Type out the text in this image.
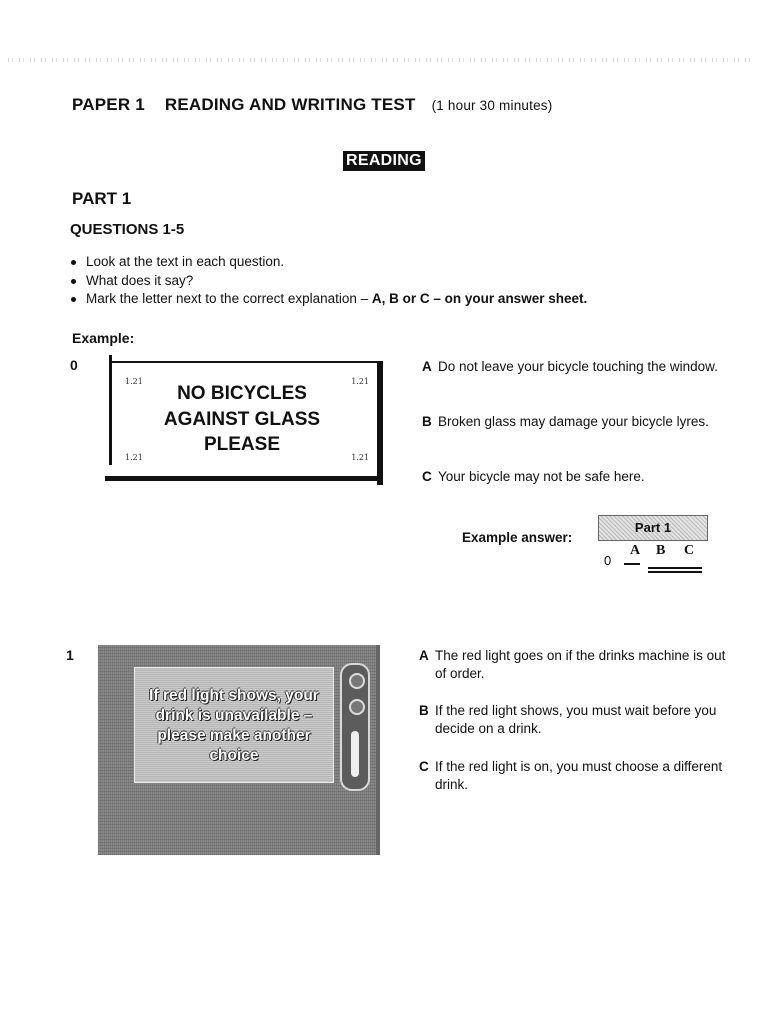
PAPER 1 READING AND WRITING TEST (1 hour 30 minutes)
READING
PART 1
QUESTIONS 1-5
Look at the text in each question.
What does it say?
Mark the letter next to the correct explanation – A, B or C – on your answer sheet.
Example:
0
1.21	1.21
1.21	1.21
NO BICYCLES
AGAINST GLASS
PLEASE
A Do not leave your bicycle touching the window.
B Broken glass may damage your bicycle lyres.
C Your bicycle may not be safe here.
Example answer:
Part 1
0
A B C
1
If red light shows, your
drink is unavailable –
please make another
choice
A The red light goes on if the drinks machine is out of order.
B If the red light shows, you must wait before you decide on a drink.
C If the red light is on, you must choose a different drink.
